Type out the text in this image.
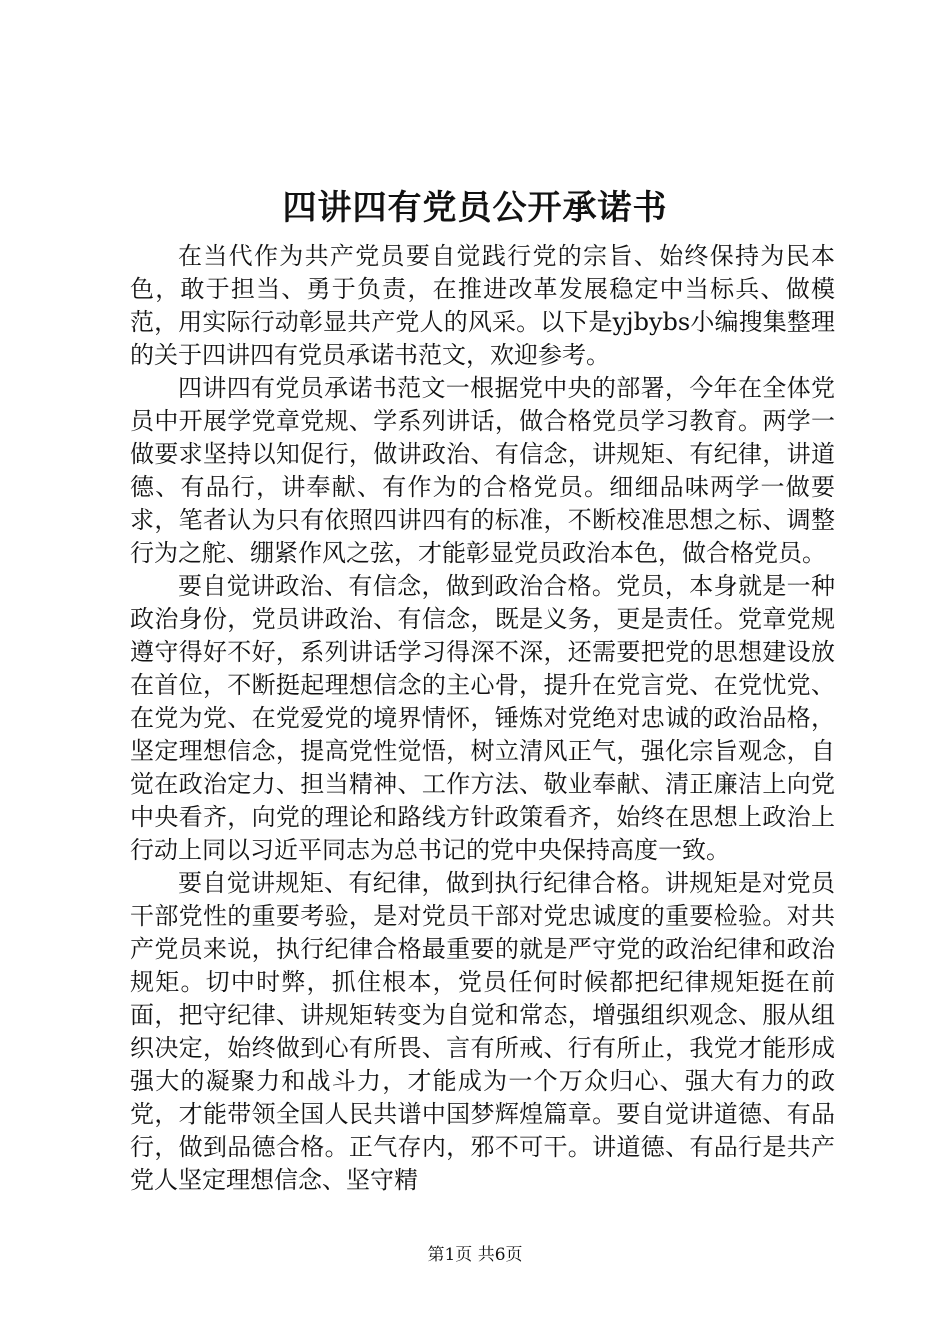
四讲四有党员公开承诺书

在当代作为共产党员要自觉践行党的宗旨、始终保持为民本色，敢于担当、勇于负责，在推进改革发展稳定中当标兵、做模范，用实际行动彰显共产党人的风采。以下是yjbybs小编搜集整理的关于四讲四有党员承诺书范文，欢迎参考。

四讲四有党员承诺书范文一根据党中央的部署，今年在全体党员中开展学党章党规、学系列讲话，做合格党员学习教育。两学一做要求坚持以知促行，做讲政治、有信念，讲规矩、有纪律，讲道德、有品行，讲奉献、有作为的合格党员。细细品味两学一做要求，笔者认为只有依照四讲四有的标准，不断校准思想之标、调整行为之舵、绷紧作风之弦，才能彰显党员政治本色，做合格党员。

要自觉讲政治、有信念，做到政治合格。党员，本身就是一种政治身份，党员讲政治、有信念，既是义务，更是责任。党章党规遵守得好不好，系列讲话学习得深不深，还需要把党的思想建设放在首位，不断挺起理想信念的主心骨，提升在党言党、在党忧党、在党为党、在党爱党的境界情怀，锤炼对党绝对忠诚的政治品格，坚定理想信念，提高党性觉悟，树立清风正气，强化宗旨观念，自觉在政治定力、担当精神、工作方法、敬业奉献、清正廉洁上向党中央看齐，向党的理论和路线方针政策看齐，始终在思想上政治上行动上同以习近平同志为总书记的党中央保持高度一致。

要自觉讲规矩、有纪律，做到执行纪律合格。讲规矩是对党员干部党性的重要考验，是对党员干部对党忠诚度的重要检验。对共产党员来说，执行纪律合格最重要的就是严守党的政治纪律和政治规矩。切中时弊，抓住根本，党员任何时候都把纪律规矩挺在前面，把守纪律、讲规矩转变为自觉和常态，增强组织观念、服从组织决定，始终做到心有所畏、言有所戒、行有所止，我党才能形成强大的凝聚力和战斗力，才能成为一个万众归心、强大有力的政党，才能带领全国人民共谱中国梦辉煌篇章。要自觉讲道德、有品行，做到品德合格。正气存内，邪不可干。讲道德、有品行是共产党人坚定理想信念、坚守精

第1页 共6页
